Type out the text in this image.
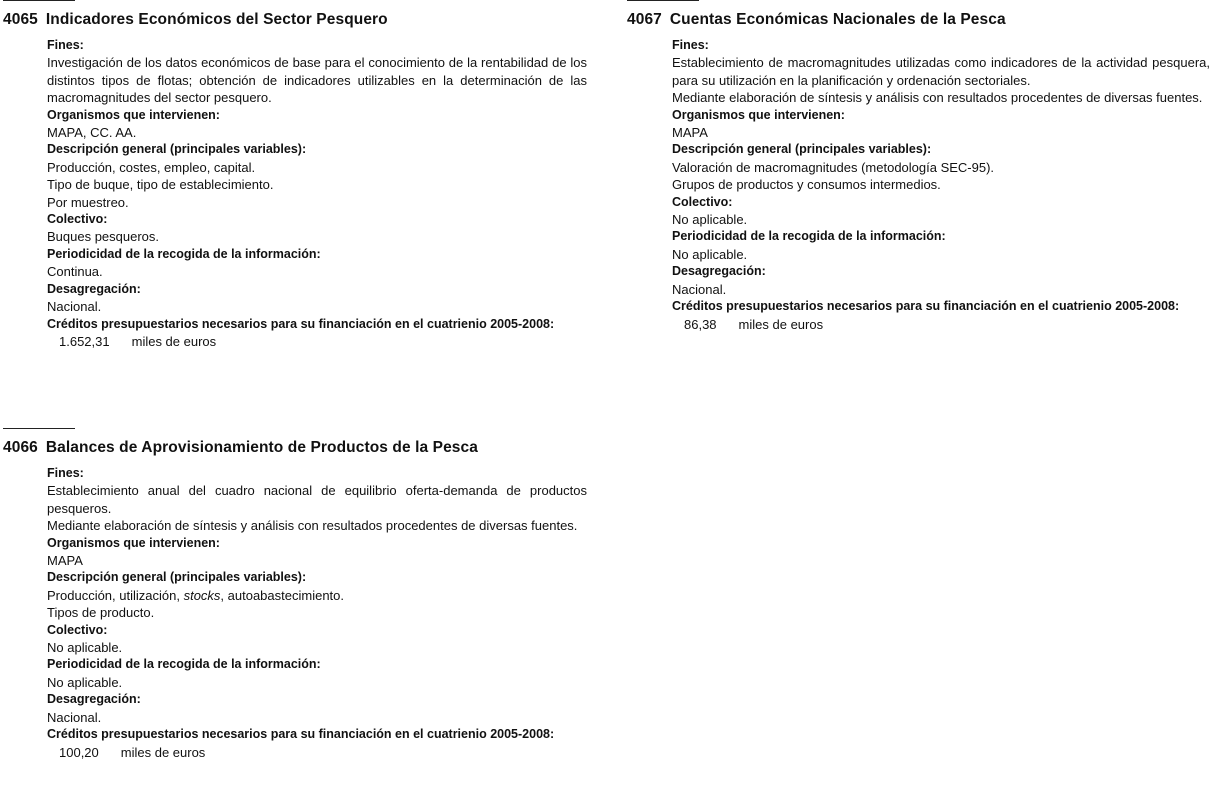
4065 Indicadores Económicos del Sector Pesquero

Fines:

Investigación de los datos económicos de base para el conocimiento de la rentabilidad de los distintos tipos de flotas; obtención de indicadores utilizables en la determinación de las macromagnitudes del sector pesquero.

Organismos que intervienen:

MAPA, CC. AA.

Descripción general (principales variables):

Producción, costes, empleo, capital.

Tipo de buque, tipo de establecimiento.

Por muestreo.

Colectivo:

Buques pesqueros.

Periodicidad de la recogida de la información:

Continua.

Desagregación:

Nacional.

Créditos presupuestarios necesarios para su financiación en el cuatrienio 2005-2008:

1.652,31 miles de euros

4066 Balances de Aprovisionamiento de Productos de la Pesca

Fines:

Establecimiento anual del cuadro nacional de equilibrio oferta-demanda de productos pesqueros.

Mediante elaboración de síntesis y análisis con resultados procedentes de diversas fuentes.

Organismos que intervienen:

MAPA

Descripción general (principales variables):

Producción, utilización, stocks, autoabastecimiento.

Tipos de producto.

Colectivo:

No aplicable.

Periodicidad de la recogida de la información:

No aplicable.

Desagregación:

Nacional.

Créditos presupuestarios necesarios para su financiación en el cuatrienio 2005-2008:

100,20 miles de euros

4067 Cuentas Económicas Nacionales de la Pesca

Fines:

Establecimiento de macromagnitudes utilizadas como indicadores de la actividad pesquera, para su utilización en la planificación y ordenación sectoriales.

Mediante elaboración de síntesis y análisis con resultados procedentes de diversas fuentes.

Organismos que intervienen:

MAPA

Descripción general (principales variables):

Valoración de macromagnitudes (metodología SEC-95).

Grupos de productos y consumos intermedios.

Colectivo:

No aplicable.

Periodicidad de la recogida de la información:

No aplicable.

Desagregación:

Nacional.

Créditos presupuestarios necesarios para su financiación en el cuatrienio 2005-2008:

86,38 miles de euros
